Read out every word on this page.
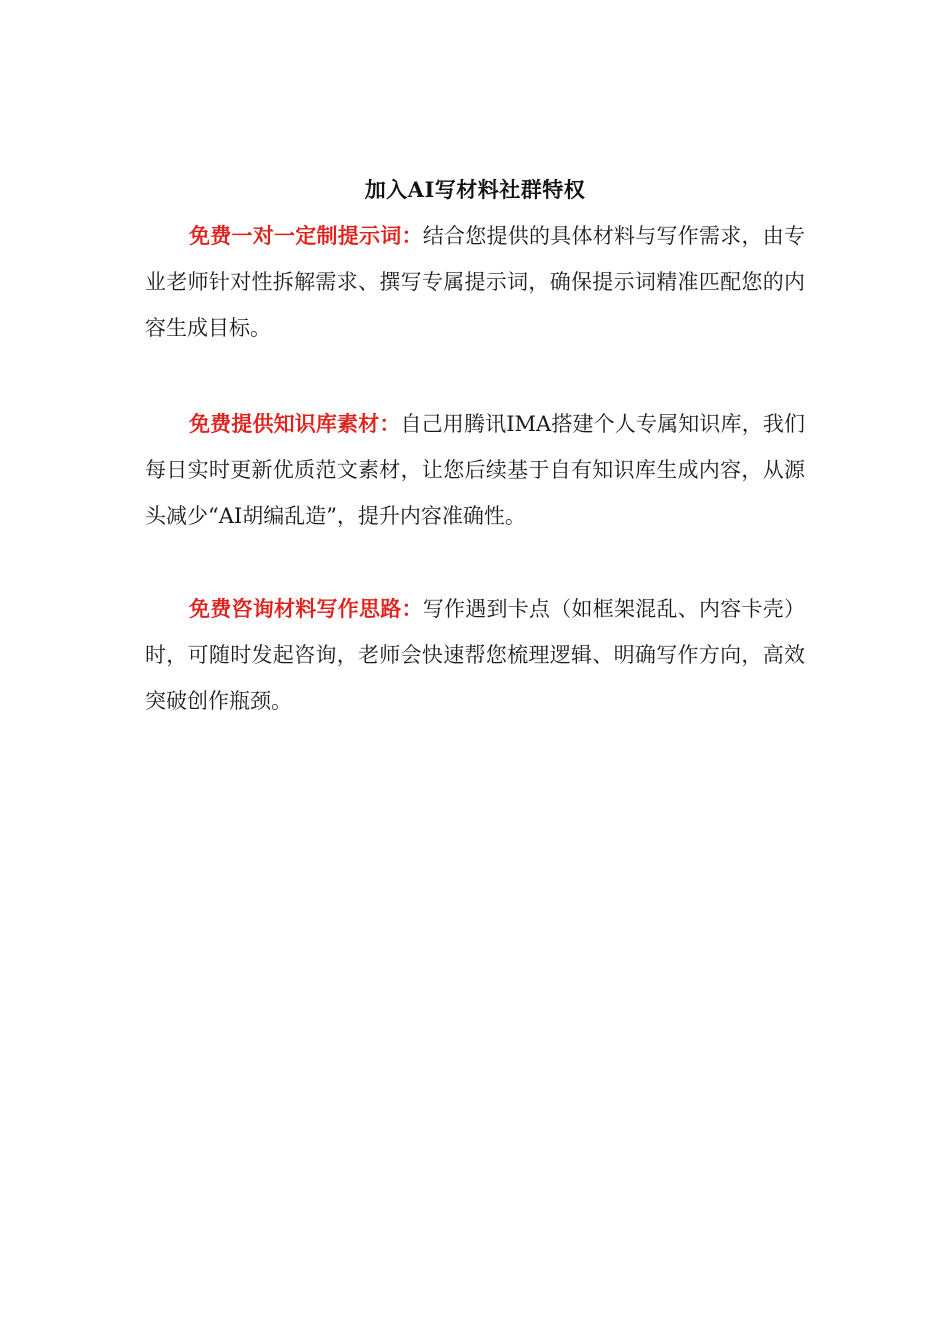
加入AI写材料社群特权

免费一对一定制提示词：结合您提供的具体材料与写作需求，由专业老师针对性拆解需求、撰写专属提示词，确保提示词精准匹配您的内容生成目标。

免费提供知识库素材：自己用腾讯IMA搭建个人专属知识库，我们每日实时更新优质范文素材，让您后续基于自有知识库生成内容，从源头减少“AI胡编乱造”，提升内容准确性。

免费咨询材料写作思路：写作遇到卡点（如框架混乱、内容卡壳）时，可随时发起咨询，老师会快速帮您梳理逻辑、明确写作方向，高效突破创作瓶颈。
